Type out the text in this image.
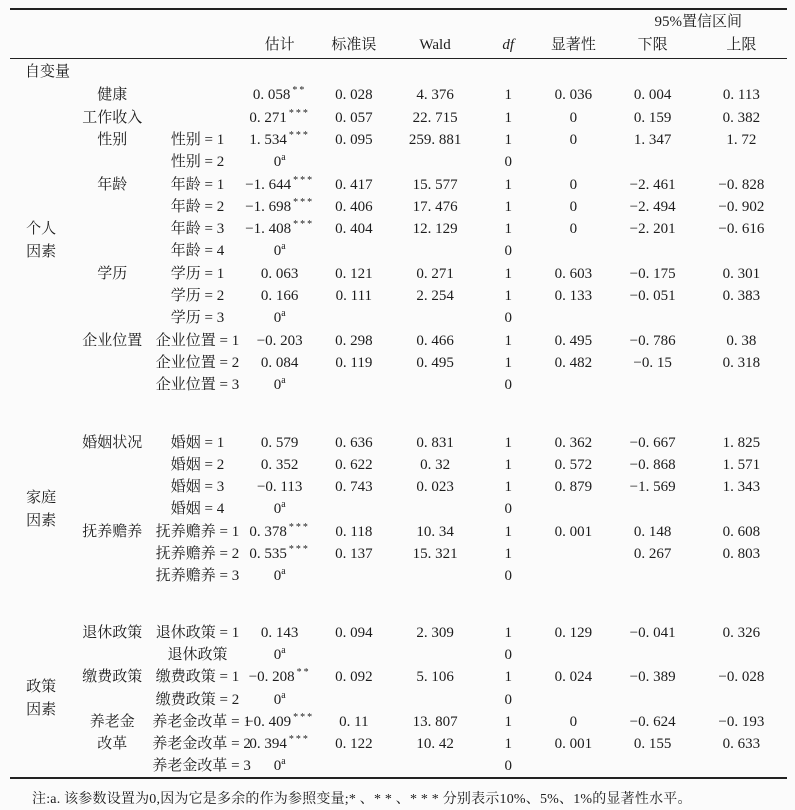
								95%置信区间	
			估计	标准误	Wald	df	显著性	下限	上限
自变量									

个人
因素	健康		0. 058 **	0. 028	4. 376	1	0. 036	0. 004	0. 113
	工作收入		0. 271 ***	0. 057	22. 715	1	0	0. 159	0. 382
	性别	性别 = 1	1. 534 ***	0. 095	259. 881	1	0	1. 347	1. 72
		性别 = 2	0$^a$			0			
	年龄	年龄 = 1	−1. 644 ***	0. 417	15. 577	1	0	−2. 461	−0. 828
		年龄 = 2	−1. 698 ***	0. 406	17. 476	1	0	−2. 494	−0. 902
		年龄 = 3	−1. 408 ***	0. 404	12. 129	1	0	−2. 201	−0. 616
		年龄 = 4	0$^a$			0			
	学历	学历 = 1	0. 063	0. 121	0. 271	1	0. 603	−0. 175	0. 301
		学历 = 2	0. 166	0. 111	2. 254	1	0. 133	−0. 051	0. 383
		学历 = 3	0$^a$			0			
	企业位置	企业位置 = 1	−0. 203	0. 298	0. 466	1	0. 495	−0. 786	0. 38
		企业位置 = 2	0. 084	0. 119	0. 495	1	0. 482	−0. 15	0. 318
		企业位置 = 3	0$^a$			0			

家庭
因素	婚姻状况	婚姻 = 1	0. 579	0. 636	0. 831	1	0. 362	−0. 667	1. 825
		婚姻 = 2	0. 352	0. 622	0. 32	1	0. 572	−0. 868	1. 571
		婚姻 = 3	−0. 113	0. 743	0. 023	1	0. 879	−1. 569	1. 343
		婚姻 = 4	0$^a$			0			
	抚养赡养	抚养赡养 = 1	0. 378 ***	0. 118	10. 34	1	0. 001	0. 148	0. 608
		抚养赡养 = 2	0. 535 ***	0. 137	15. 321	1		0. 267	0. 803
		抚养赡养 = 3	0$^a$			0			

政策
因素	退休政策	退休政策 = 1	0. 143	0. 094	2. 309	1	0. 129	−0. 041	0. 326
		退休政策	0$^a$			0			
	缴费政策	缴费政策 = 1	−0. 208 **	0. 092	5. 106	1	0. 024	−0. 389	−0. 028
		缴费政策 = 2	0$^a$			0			
	养老金	养老金改革 = 1	−0. 409 ***	0. 11	13. 807	1	0	−0. 624	−0. 193
	改革	养老金改革 = 2	0. 394 ***	0. 122	10. 42	1	0. 001	0. 155	0. 633
		养老金改革 = 3	0$^a$			0			
注:a. 该参数设置为0,因为它是多余的作为参照变量;* 、* * 、* * * 分别表示10%、5%、1%的显著性水平。
